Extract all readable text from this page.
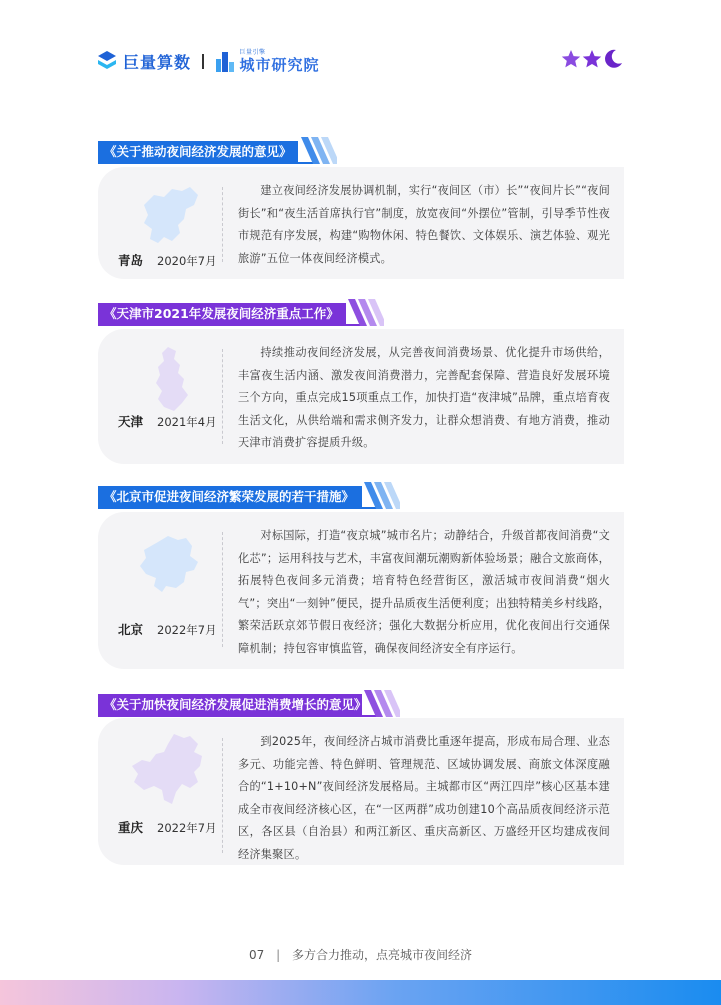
巨量算数
巨量引擎
城市研究院
《关于推动夜间经济发展的意见》
青岛 2020年7月

建立夜间经济发展协调机制，实行“夜间区（市）长”“夜间片长”“夜间街长”和“夜生活首席执行官”制度，放宽夜间“外摆位”管制，引导季节性夜市规范有序发展，构建“购物休闲、特色餐饮、文体娱乐、演艺体验、观光旅游”五位一体夜间经济模式。

《天津市2021年发展夜间经济重点工作》
天津 2021年4月

持续推动夜间经济发展，从完善夜间消费场景、优化提升市场供给，丰富夜生活内涵、激发夜间消费潜力，完善配套保障、营造良好发展环境三个方向，重点完成15项重点工作，加快打造“夜津城”品牌，重点培育夜生活文化，从供给端和需求侧齐发力，让群众想消费、有地方消费，推动天津市消费扩容提质升级。

《北京市促进夜间经济繁荣发展的若干措施》
北京 2022年7月

对标国际，打造“夜京城”城市名片；动静结合，升级首都夜间消费“文化芯”；运用科技与艺术，丰富夜间潮玩潮购新体验场景；融合文旅商体，拓展特色夜间多元消费；培育特色经营街区，激活城市夜间消费“烟火气”；突出“一刻钟”便民，提升品质夜生活便利度；出独特精美乡村线路，繁荣活跃京郊节假日夜经济；强化大数据分析应用，优化夜间出行交通保障机制；持包容审慎监管，确保夜间经济安全有序运行。

《关于加快夜间经济发展促进消费增长的意见》
重庆 2022年7月

到2025年，夜间经济占城市消费比重逐年提高，形成布局合理、业态多元、功能完善、特色鲜明、管理规范、区域协调发展、商旅文体深度融合的“1+10+N”夜间经济发展格局。主城都市区“两江四岸”核心区基本建成全市夜间经济核心区，在“一区两群”成功创建10个高品质夜间经济示范区，各区县（自治县）和两江新区、重庆高新区、万盛经开区均建成夜间经济集聚区。

07 | 多方合力推动，点亮城市夜间经济
